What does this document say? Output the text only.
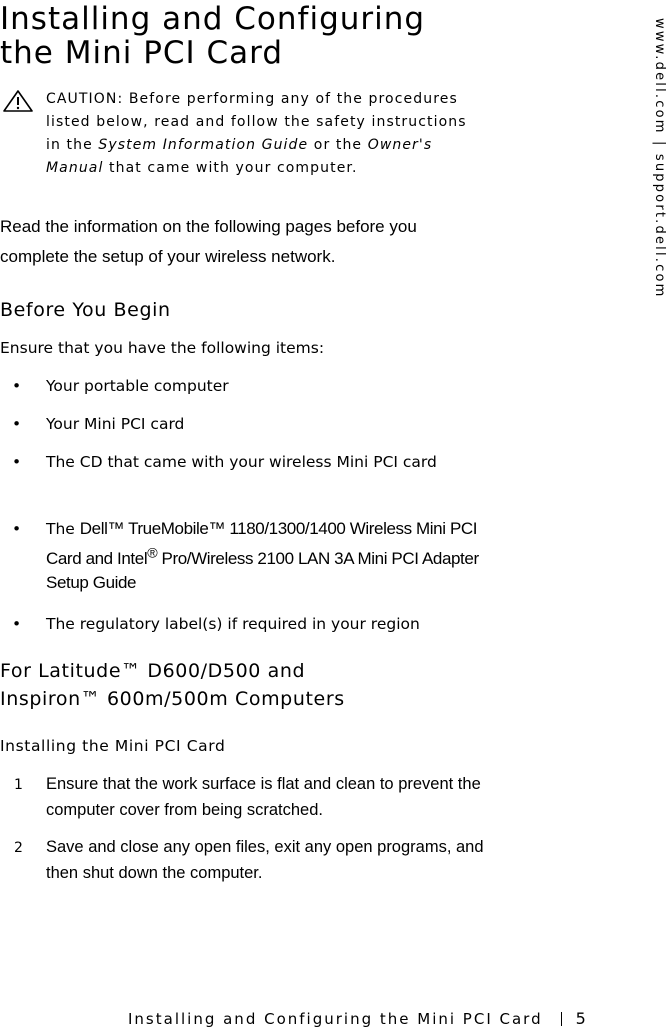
Installing and Configuring
the Mini PCI Card
CAUTION: Before performing any of the procedures listed below, read and follow the safety instructions in the System Information Guide or the Owner's Manual that came with your computer.
Read the information on the following pages before you complete the setup of your wireless network.
Before You Begin
Ensure that you have the following items:
• Your portable computer
• Your Mini PCI card
• The CD that came with your wireless Mini PCI card
• The Dell™ TrueMobile™ 1180/1300/1400 Wireless Mini PCI Card and Intel® Pro/Wireless 2100 LAN 3A Mini PCI Adapter Setup Guide
• The regulatory label(s) if required in your region
For Latitude™ D600/D500 and
Inspiron™ 600m/500m Computers
Installing the Mini PCI Card
1 Ensure that the work surface is flat and clean to prevent the computer cover from being scratched.
2 Save and close any open files, exit any open programs, and then shut down the computer.
www.dell.com | support.dell.com
Installing and Configuring the Mini PCI Card 5
